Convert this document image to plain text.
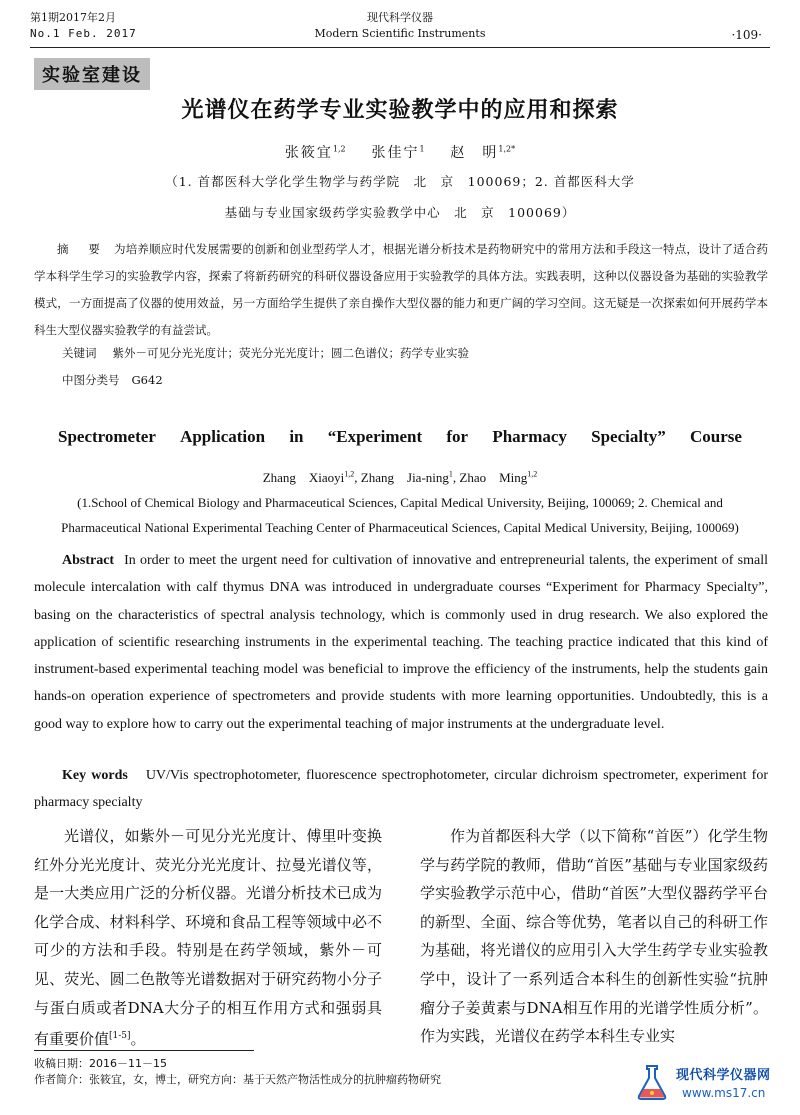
第1期2017年2月
No.1 Feb. 2017
现代科学仪器
Modern Scientific Instruments	·109·
实验室建设
光谱仪在药学专业实验教学中的应用和探索
张筱宜$^{1,2}$ 张佳宁$^1$ 赵　明$^{1,2*}$
（1. 首都医科大学化学生物学与药学院　北　京　100069；2. 首都医科大学
基础与专业国家级药学实验教学中心　北　京　100069）
摘　要 为培养顺应时代发展需要的创新和创业型药学人才，根据光谱分析技术是药物研究中的常用方法和手段这一特点，设计了适合药学本科学生学习的实验教学内容，探索了将新药研究的科研仪器设备应用于实验教学的具体方法。实践表明，这种以仪器设备为基础的实验教学模式，一方面提高了仪器的使用效益，另一方面给学生提供了亲自操作大型仪器的能力和更广阔的学习空间。这无疑是一次探索如何开展药学本科生大型仪器实验教学的有益尝试。
关键词 紫外－可见分光光度计；荧光分光光度计；圆二色谱仪；药学专业实验
中图分类号 G642
Spectrometer Application in “Experiment for Pharmacy Specialty” Course
Zhang　Xiaoyi$^{1,2}$, Zhang　Jia-ning$^1$, Zhao　Ming$^{1,2}$
(1.School of Chemical Biology and Pharmaceutical Sciences, Capital Medical University, Beijing, 100069; 2. Chemical and
Pharmaceutical National Experimental Teaching Center of Pharmaceutical Sciences, Capital Medical University, Beijing, 100069)
Abstract In order to meet the urgent need for cultivation of innovative and entrepreneurial talents, the experiment of small molecule intercalation with calf thymus DNA was introduced in undergraduate courses “Experiment for Pharmacy Specialty”, basing on the characteristics of spectral analysis technology, which is commonly used in drug research. We also explored the application of scientific researching instruments in the experimental teaching. The teaching practice indicated that this kind of instrument-based experimental teaching model was beneficial to improve the efficiency of the instruments, help the students gain hands-on operation experience of spectrometers and provide students with more learning opportunities. Undoubtedly, this is a good way to explore how to carry out the experimental teaching of major instruments at the undergraduate level.
Key words UV/Vis spectrophotometer, fluorescence spectrophotometer, circular dichroism spectrometer, experiment for pharmacy specialty
光谱仪，如紫外－可见分光光度计、傅里叶变换红外分光光度计、荧光分光光度计、拉曼光谱仪等，是一大类应用广泛的分析仪器。光谱分析技术已成为化学合成、材料科学、环境和食品工程等领域中必不可少的方法和手段。特别是在药学领域，紫外－可见、荧光、圆二色散等光谱数据对于研究药物小分子与蛋白质或者DNA大分子的相互作用方式和强弱具有重要价值[1-5]。
作为首都医科大学（以下简称“首医”）化学生物学与药学院的教师，借助“首医”基础与专业国家级药学实验教学示范中心，借助“首医”大型仪器药学平台的新型、全面、综合等优势，笔者以自己的科研工作为基础，将光谱仪的应用引入大学生药学专业实验教学中，设计了一系列适合本科生的创新性实验“抗肿瘤分子姜黄素与DNA相互作用的光谱学性质分析”。作为实践，光谱仪在药学本科生专业实
收稿日期：2016－11－15
作者简介：张筱宜，女，博士，研究方向：基于天然产物活性成分的抗肿瘤药物研究	现代科学仪器网
www.ms17.cn
